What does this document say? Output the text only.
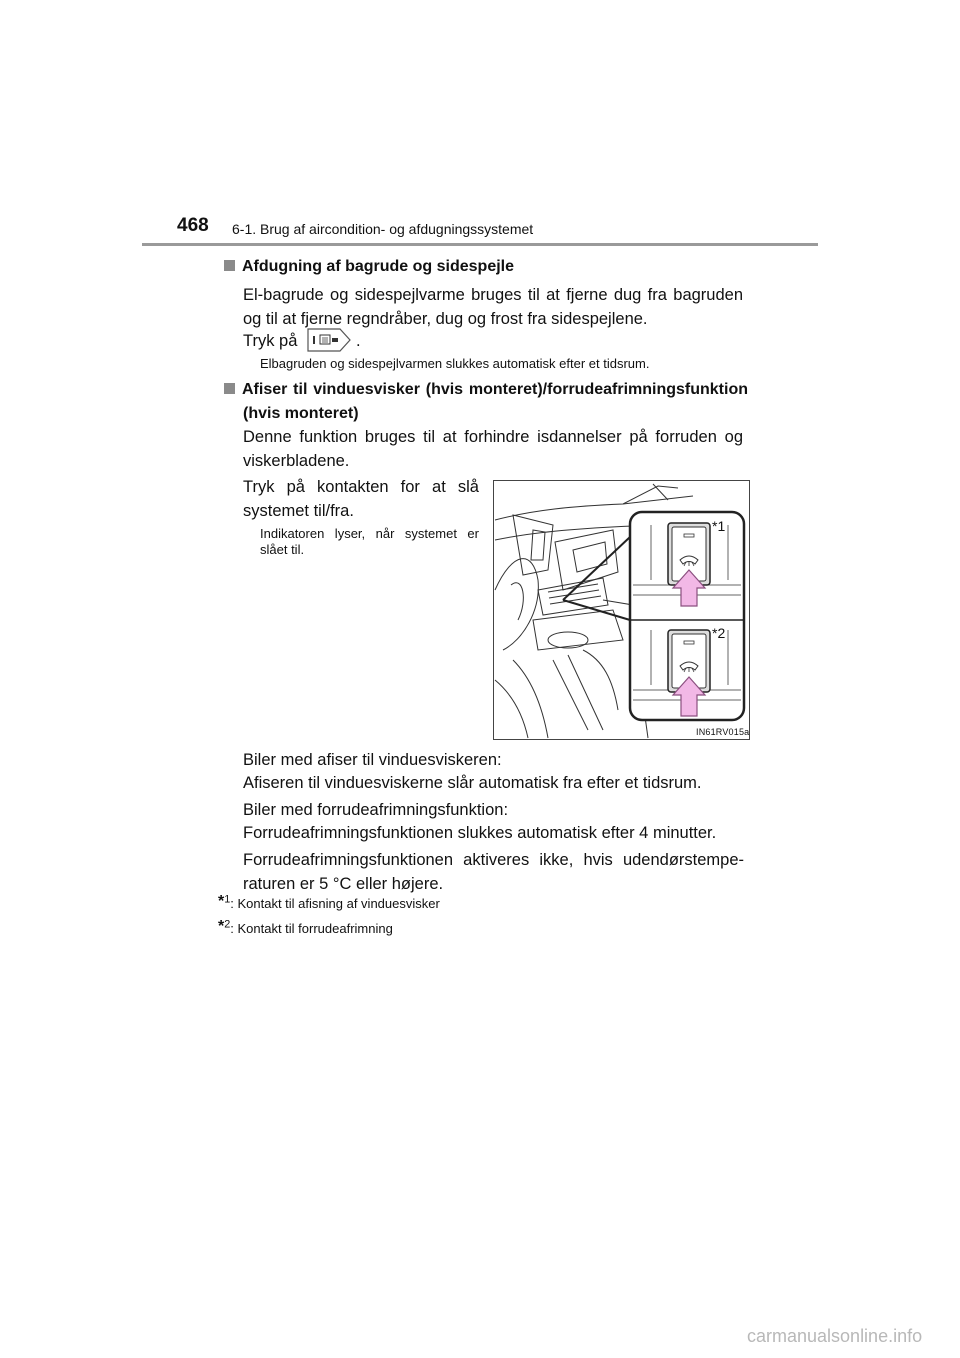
468 6-1. Brug af aircondition- og afdugningssystemet
Afdugning af bagrude og sidespejle
El-bagrude og sidespejlvarme bruges til at fjerne dug fra bagruden og til at fjerne regndråber, dug og frost fra sidespejlene.
Tryk på	.
Elbagruden og sidespejlvarmen slukkes automatisk efter et tidsrum.
Afiser til vinduesvisker (hvis monteret)/forrudeafrimningsfunktion
(hvis monteret)
Denne funktion bruges til at forhindre isdannelser på forruden og viskerbladene.
Tryk på kontakten for at slå systemet til/fra.
Indikatoren lyser, når systemet er slået til.
*1
*2
IN61RV015a
Biler med afiser til vinduesviskeren:
Afiseren til vinduesviskerne slår automatisk fra efter et tidsrum.
Biler med forrudeafrimningsfunktion:
Forrudeafrimningsfunktionen slukkes automatisk efter 4 minutter.
Forrudeafrimningsfunktionen aktiveres ikke, hvis udendørstempe-raturen er 5 °C eller højere.
*$^1$: Kontakt til afisning af vinduesvisker
*$^2$: Kontakt til forrudeafrimning
carmanualsonline.info
